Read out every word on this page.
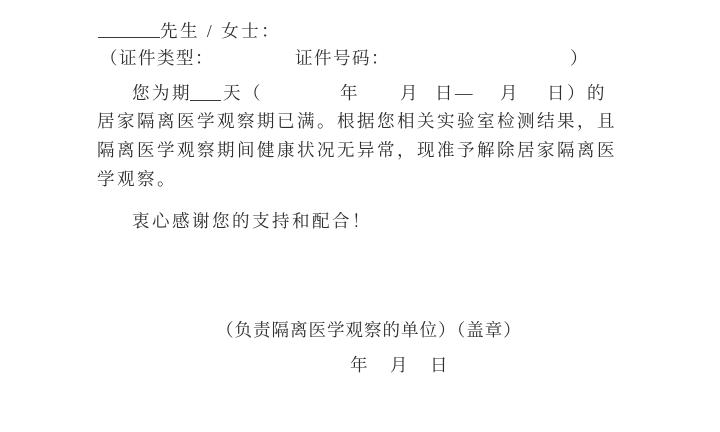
先生 / 女士：
（证件类型：	证件号码：	）
您为期 天（	年 月 日— 月 日）的
居家隔离医学观察期已满。根据您相关实验室检测结果，且
隔离医学观察期间健康状况无异常，现准予解除居家隔离医
学观察。
衷心感谢您的支持和配合！
（负责隔离医学观察的单位）（盖章）
年　月　日
